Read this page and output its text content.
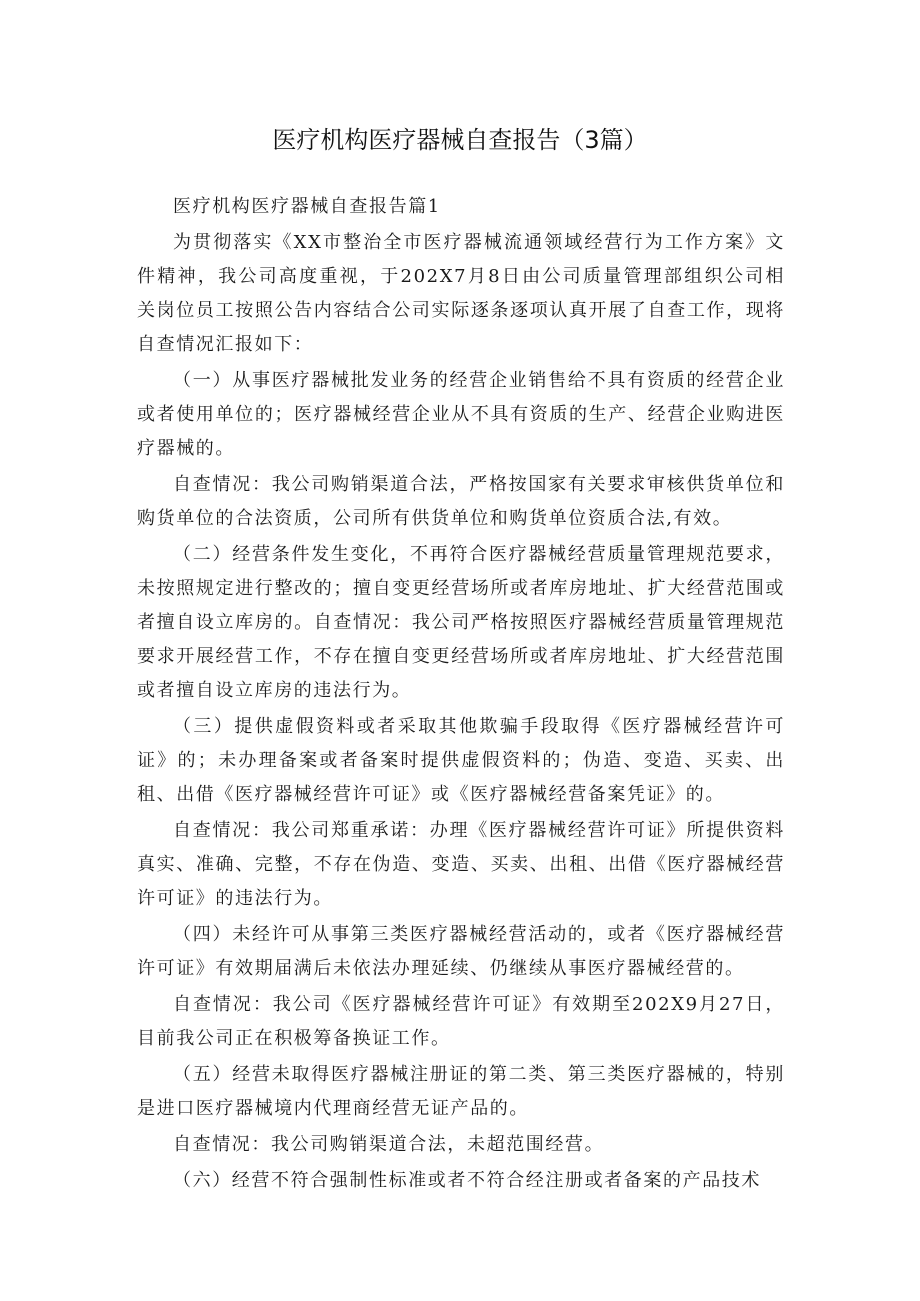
医疗机构医疗器械自查报告（3篇）

医疗机构医疗器械自查报告篇1

为贯彻落实《XX市整治全市医疗器械流通领域经营行为工作方案》文件精神，我公司高度重视，于202X7月8日由公司质量管理部组织公司相关岗位员工按照公告内容结合公司实际逐条逐项认真开展了自查工作，现将自查情况汇报如下：

（一）从事医疗器械批发业务的经营企业销售给不具有资质的经营企业或者使用单位的；医疗器械经营企业从不具有资质的生产、经营企业购进医疗器械的。

自查情况：我公司购销渠道合法，严格按国家有关要求审核供货单位和购货单位的合法资质，公司所有供货单位和购货单位资质合法,有效。

（二）经营条件发生变化，不再符合医疗器械经营质量管理规范要求，未按照规定进行整改的；擅自变更经营场所或者库房地址、扩大经营范围或者擅自设立库房的。自查情况：我公司严格按照医疗器械经营质量管理规范要求开展经营工作，不存在擅自变更经营场所或者库房地址、扩大经营范围或者擅自设立库房的违法行为。

（三）提供虚假资料或者采取其他欺骗手段取得《医疗器械经营许可证》的；未办理备案或者备案时提供虚假资料的；伪造、变造、买卖、出租、出借《医疗器械经营许可证》或《医疗器械经营备案凭证》的。

自查情况：我公司郑重承诺：办理《医疗器械经营许可证》所提供资料真实、准确、完整，不存在伪造、变造、买卖、出租、出借《医疗器械经营许可证》的违法行为。

（四）未经许可从事第三类医疗器械经营活动的，或者《医疗器械经营许可证》有效期届满后未依法办理延续、仍继续从事医疗器械经营的。

自查情况：我公司《医疗器械经营许可证》有效期至202X9月27日，目前我公司正在积极筹备换证工作。

（五）经营未取得医疗器械注册证的第二类、第三类医疗器械的，特别是进口医疗器械境内代理商经营无证产品的。

自查情况：我公司购销渠道合法，未超范围经营。

（六）经营不符合强制性标准或者不符合经注册或者备案的产品技术
